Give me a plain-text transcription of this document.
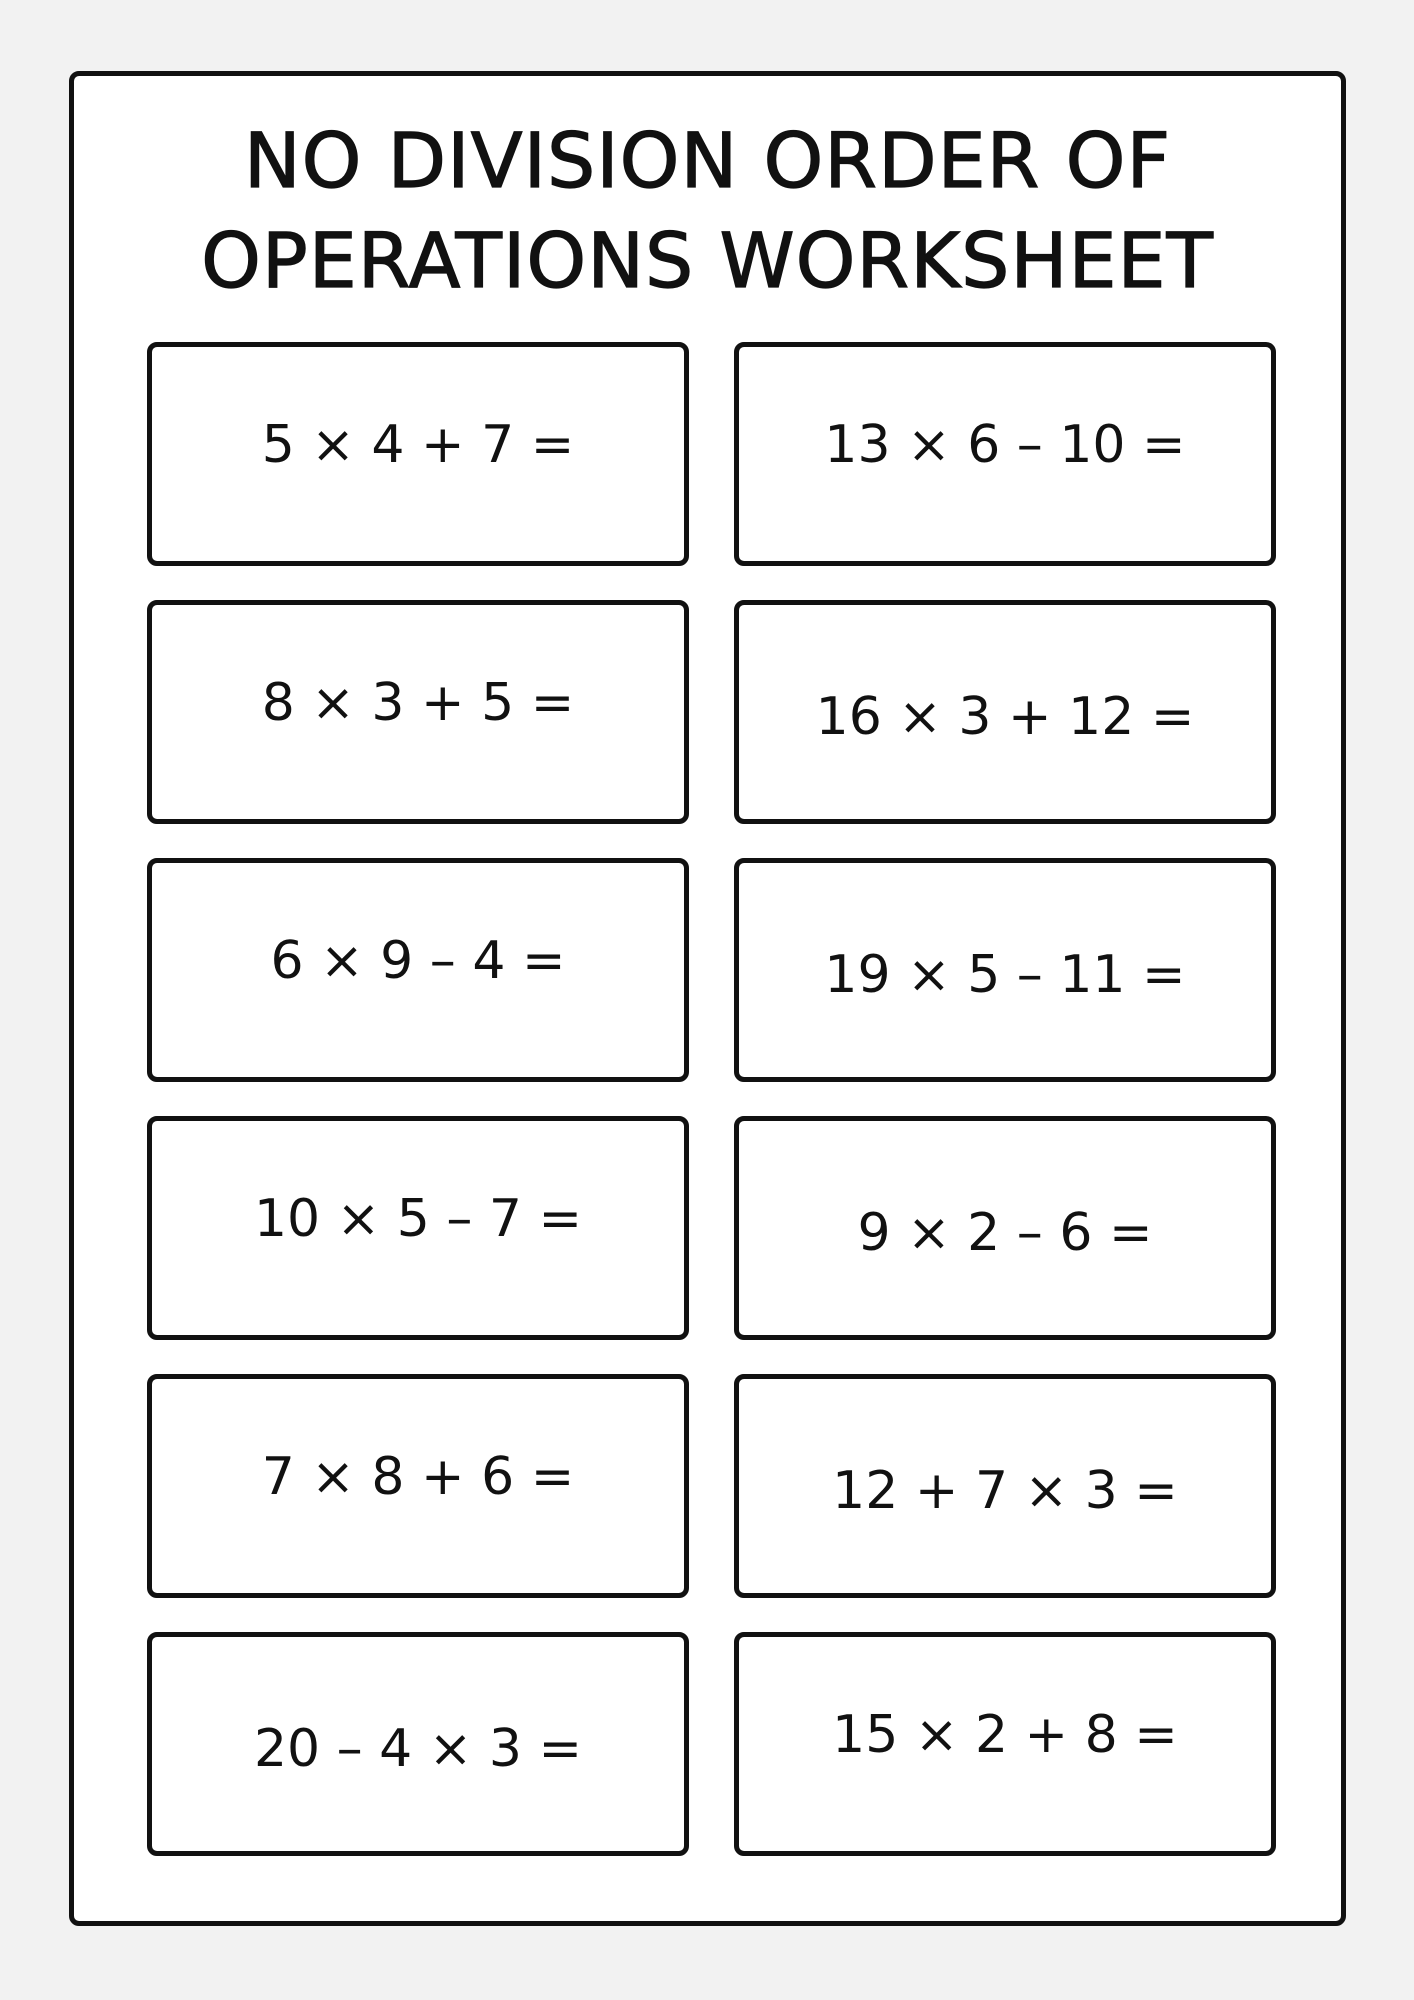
NO DIVISION ORDER OF
OPERATIONS WORKSHEET
5 × 4 + 7 =	13 × 6 – 10 =
8 × 3 + 5 =	16 × 3 + 12 =
6 × 9 – 4 =	19 × 5 – 11 =
10 × 5 – 7 =	9 × 2 – 6 =
7 × 8 + 6 =	12 + 7 × 3 =
20 – 4 × 3 =	15 × 2 + 8 =
